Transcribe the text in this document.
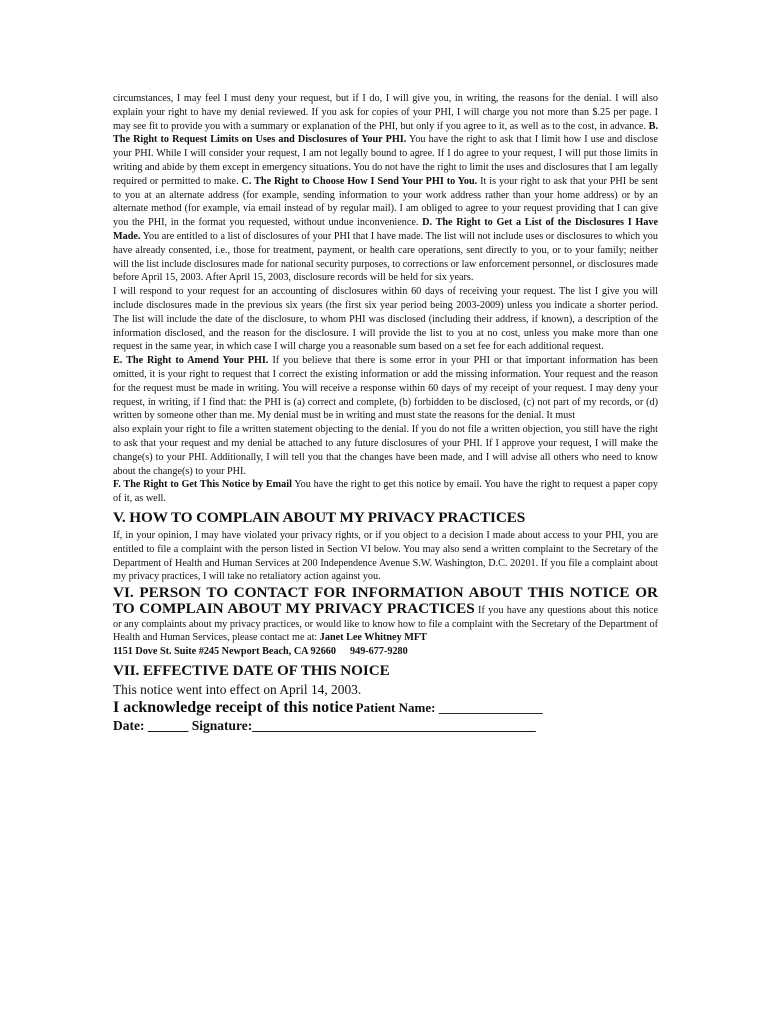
circumstances, I may feel I must deny your request, but if I do, I will give you, in writing, the reasons for the denial. I will also explain your right to have my denial reviewed. If you ask for copies of your PHI, I will charge you not more than $.25 per page. I may see fit to provide you with a summary or explanation of the PHI, but only if you agree to it, as well as to the cost, in advance. B. The Right to Request Limits on Uses and Disclosures of Your PHI. You have the right to ask that I limit how I use and disclose your PHI. While I will consider your request, I am not legally bound to agree. If I do agree to your request, I will put those limits in writing and abide by them except in emergency situations. You do not have the right to limit the uses and disclosures that I am legally required or permitted to make. C. The Right to Choose How I Send Your PHI to You. It is your right to ask that your PHI be sent to you at an alternate address (for example, sending information to your work address rather than your home address) or by an alternate method (for example, via email instead of by regular mail). I am obliged to agree to your request providing that I can give you the PHI, in the format you requested, without undue inconvenience. D. The Right to Get a List of the Disclosures I Have Made. You are entitled to a list of disclosures of your PHI that I have made. The list will not include uses or disclosures to which you have already consented, i.e., those for treatment, payment, or health care operations, sent directly to you, or to your family; neither will the list include disclosures made for national security purposes, to corrections or law enforcement personnel, or disclosures made before April 15, 2003. After April 15, 2003, disclosure records will be held for six years.

I will respond to your request for an accounting of disclosures within 60 days of receiving your request. The list I give you will include disclosures made in the previous six years (the first six year period being 2003-2009) unless you indicate a shorter period. The list will include the date of the disclosure, to whom PHI was disclosed (including their address, if known), a description of the information disclosed, and the reason for the disclosure. I will provide the list to you at no cost, unless you make more than one request in the same year, in which case I will charge you a reasonable sum based on a set fee for each additional request.

E. The Right to Amend Your PHI. If you believe that there is some error in your PHI or that important information has been omitted, it is your right to request that I correct the existing information or add the missing information. Your request and the reason for the request must be made in writing. You will receive a response within 60 days of my receipt of your request. I may deny your request, in writing, if I find that: the PHI is (a) correct and complete, (b) forbidden to be disclosed, (c) not part of my records, or (d) written by someone other than me. My denial must be in writing and must state the reasons for the denial. It must

also explain your right to file a written statement objecting to the denial. If you do not file a written objection, you still have the right to ask that your request and my denial be attached to any future disclosures of your PHI. If I approve your request, I will make the change(s) to your PHI. Additionally, I will tell you that the changes have been made, and I will advise all others who need to know about the change(s) to your PHI.

F. The Right to Get This Notice by Email You have the right to get this notice by email. You have the right to request a paper copy of it, as well.

V. HOW TO COMPLAIN ABOUT MY PRIVACY PRACTICES

If, in your opinion, I may have violated your privacy rights, or if you object to a decision I made about access to your PHI, you are entitled to file a complaint with the person listed in Section VI below. You may also send a written complaint to the Secretary of the Department of Health and Human Services at 200 Independence Avenue S.W. Washington, D.C. 20201. If you file a complaint about my privacy practices, I will take no retaliatory action against you.

VI. PERSON TO CONTACT FOR INFORMATION ABOUT THIS NOTICE OR TO COMPLAIN ABOUT MY PRIVACY PRACTICES If you have any questions about this notice or any complaints about my privacy practices, or would like to know how to file a complaint with the Secretary of the Department of Health and Human Services, please contact me at: Janet Lee Whitney MFT

1151 Dove St. Suite #245 Newport Beach, CA 92660 949-677-9280

VII. EFFECTIVE DATE OF THIS NOICE

This notice went into effect on April 14, 2003.

I acknowledge receipt of this notice Patient Name: ________________

Date: ______ Signature:__________________________________________
